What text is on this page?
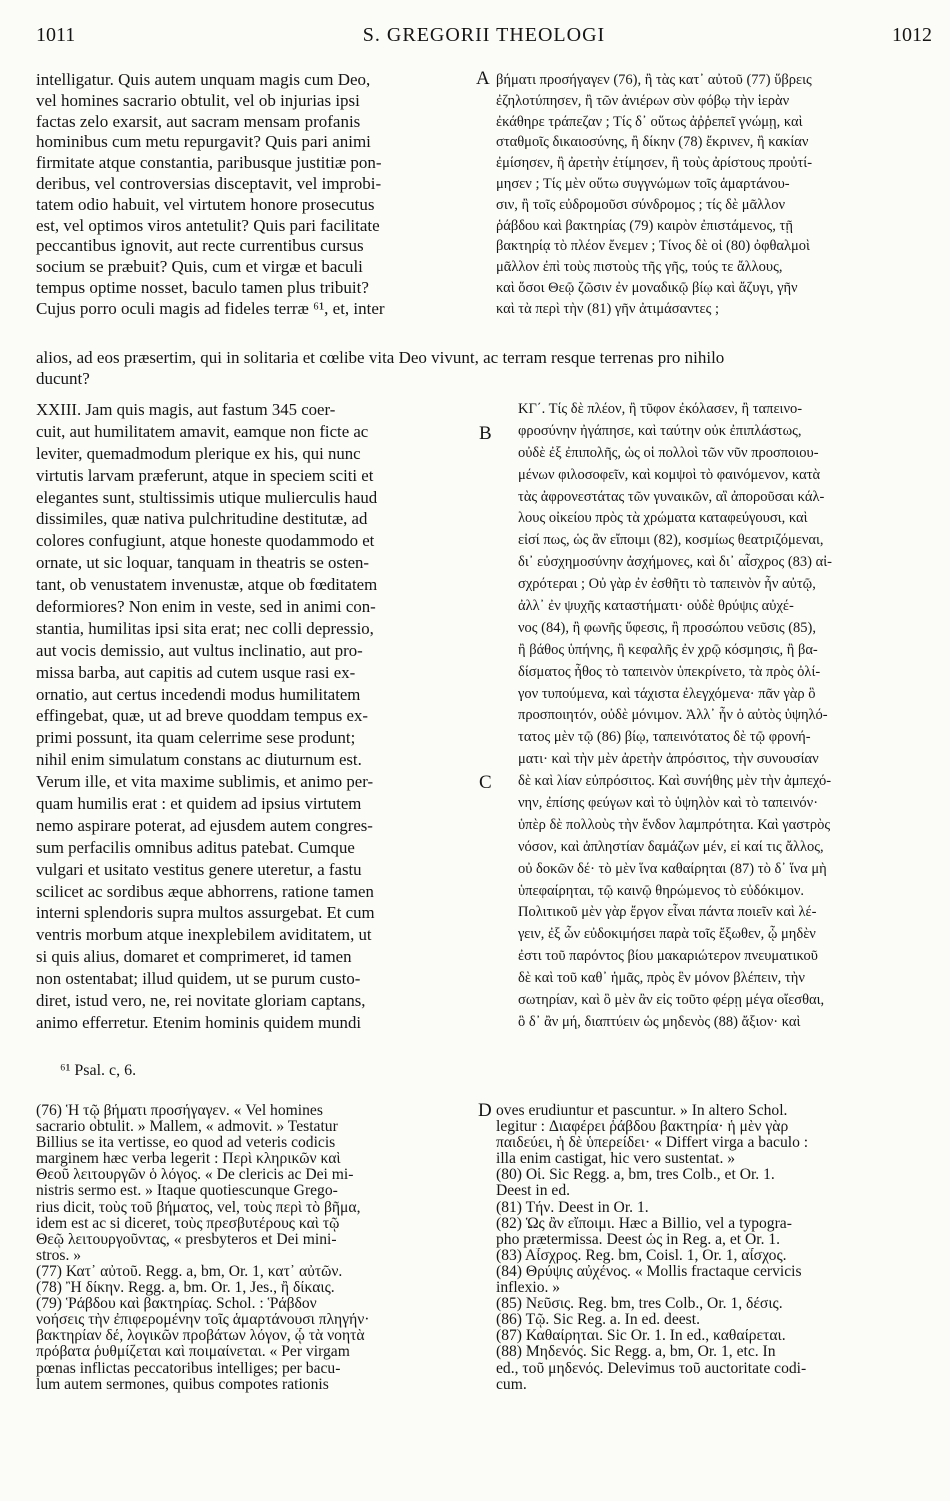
1011	S. GREGORII THEOLOGI	1012
A
B
C
D
intelligatur. Quis autem unquam magis cum Deo,
vel homines sacrario obtulit, vel ob injurias ipsi
factas zelo exarsit, aut sacram mensam profanis
hominibus cum metu repurgavit? Quis pari animi
firmitate atque constantia, paribusque justitiæ pon-
deribus, vel controversias disceptavit, vel improbi-
tatem odio habuit, vel virtutem honore prosecutus
est, vel optimos viros antetulit? Quis pari facilitate
peccantibus ignovit, aut recte currentibus cursus
socium se præbuit? Quis, cum et virgæ et baculi
tempus optime nosset, baculo tamen plus tribuit?
Cujus porro oculi magis ad fideles terræ ⁶¹, et, inter
βήματι προσήγαγεν (76), ἢ τὰς κατ᾽ αὐτοῦ (77) ὕβρεις
ἐζηλοτύπησεν, ἢ τῶν ἀνιέρων σὺν φόβῳ τὴν ἱερὰν
ἐκάθηρε τράπεζαν ; Τίς δ᾽ οὕτως ἀῤῥεπεῖ γνώμῃ, καὶ
σταθμοῖς δικαιοσύνης, ἢ δίκην (78) ἔκρινεν, ἢ κακίαν
ἐμίσησεν, ἢ ἀρετὴν ἐτίμησεν, ἢ τοὺς ἀρίστους προὐτί-
μησεν ; Τίς μὲν οὕτω συγγνώμων τοῖς ἁμαρτάνου-
σιν, ἢ τοῖς εὐδρομοῦσι σύνδρομος ; τίς δὲ μᾶλλον
ῥάβδου καὶ βακτηρίας (79) καιρὸν ἐπιστάμενος, τῇ
βακτηρίᾳ τὸ πλέον ἔνεμεν ; Τίνος δὲ οἱ (80) ὀφθαλμοὶ
μᾶλλον ἐπὶ τοὺς πιστοὺς τῆς γῆς, τούς τε ἄλλους,
καὶ ὅσοι Θεῷ ζῶσιν ἐν μοναδικῷ βίῳ καὶ ἄζυγι, γῆν
καὶ τὰ περὶ τὴν (81) γῆν ἀτιμάσαντες ;
alios, ad eos præsertim, qui in solitaria et cœlibe vita Deo vivunt, ac terram resque terrenas pro nihilo
ducunt?
XXIII. Jam quis magis, aut fastum 345 coer-
cuit, aut humilitatem amavit, eamque non ficte ac
leviter, quemadmodum plerique ex his, qui nunc
virtutis larvam præferunt, atque in speciem sciti et
elegantes sunt, stultissimis utique mulierculis haud
dissimiles, quæ nativa pulchritudine destitutæ, ad
colores confugiunt, atque honeste quodammodo et
ornate, ut sic loquar, tanquam in theatris se osten-
tant, ob venustatem invenustæ, atque ob fœditatem
deformiores? Non enim in veste, sed in animi con-
stantia, humilitas ipsi sita erat; nec colli depressio,
aut vocis demissio, aut vultus inclinatio, aut pro-
missa barba, aut capitis ad cutem usque rasi ex-
ornatio, aut certus incedendi modus humilitatem
effingebat, quæ, ut ad breve quoddam tempus ex-
primi possunt, ita quam celerrime sese produnt;
nihil enim simulatum constans ac diuturnum est.
Verum ille, et vita maxime sublimis, et animo per-
quam humilis erat : et quidem ad ipsius virtutem
nemo aspirare poterat, ad ejusdem autem congres-
sum perfacilis omnibus aditus patebat. Cumque
vulgari et usitato vestitus genere uteretur, a fastu
scilicet ac sordibus æque abhorrens, ratione tamen
interni splendoris supra multos assurgebat. Et cum
ventris morbum atque inexplebilem aviditatem, ut
si quis alius, domaret et comprimeret, id tamen
non ostentabat; illud quidem, ut se purum custo-
diret, istud vero, ne, rei novitate gloriam captans,
animo efferretur. Etenim hominis quidem mundi
ΚΓ΄. Τίς δὲ πλέον, ἢ τῦφον ἐκόλασεν, ἢ ταπεινο-
φροσύνην ἠγάπησε, καὶ ταύτην οὐκ ἐπιπλάστως,
οὐδὲ ἐξ ἐπιπολῆς, ὡς οἱ πολλοὶ τῶν νῦν προσποιου-
μένων φιλοσοφεῖν, καὶ κομψοὶ τὸ φαινόμενον, κατὰ
τὰς ἀφρονεστάτας τῶν γυναικῶν, αἳ ἀποροῦσαι κάλ-
λους οἰκείου πρὸς τὰ χρώματα καταφεύγουσι, καὶ
εἰσί πως, ὡς ἂν εἴποιμι (82), κοσμίως θεατριζόμεναι,
δι᾽ εὐσχημοσύνην ἀσχήμονες, καὶ δι᾽ αἶσχρος (83) αἰ-
σχρότεραι ; Οὐ γὰρ ἐν ἐσθῆτι τὸ ταπεινὸν ἦν αὐτῷ,
ἀλλ᾽ ἐν ψυχῆς καταστήματι· οὐδὲ θρύψις αὐχέ-
νος (84), ἢ φωνῆς ὕφεσις, ἢ προσώπου νεῦσις (85),
ἢ βάθος ὑπήνης, ἢ κεφαλῆς ἐν χρῷ κόσμησις, ἢ βα-
δίσματος ἦθος τὸ ταπεινὸν ὑπεκρίνετο, τὰ πρὸς ὀλί-
γον τυπούμενα, καὶ τάχιστα ἐλεγχόμενα· πᾶν γὰρ ὃ
προσποιητόν, οὐδὲ μόνιμον. Ἀλλ᾽ ἦν ὁ αὐτὸς ὑψηλό-
τατος μὲν τῷ (86) βίῳ, ταπεινότατος δὲ τῷ φρονή-
ματι· καὶ τὴν μὲν ἀρετὴν ἀπρόσιτος, τὴν συνουσίαν
δὲ καὶ λίαν εὐπρόσιτος. Καὶ συνήθης μὲν τὴν ἀμπεχό-
νην, ἐπίσης φεύγων καὶ τὸ ὑψηλὸν καὶ τὸ ταπεινόν·
ὑπὲρ δὲ πολλοὺς τὴν ἔνδον λαμπρότητα. Καὶ γαστρὸς
νόσον, καὶ ἀπληστίαν δαμάζων μέν, εἰ καί τις ἄλλος,
οὐ δοκῶν δέ· τὸ μὲν ἵνα καθαίρηται (87) τὸ δ᾽ ἵνα μὴ
ὑπεφαίρηται, τῷ καινῷ θηρώμενος τὸ εὐδόκιμον.
Πολιτικοῦ μὲν γὰρ ἔργον εἶναι πάντα ποιεῖν καὶ λέ-
γειν, ἐξ ὧν εὐδοκιμήσει παρὰ τοῖς ἔξωθεν, ᾧ μηδὲν
ἐστι τοῦ παρόντος βίου μακαριώτερον πνευματικοῦ
δὲ καὶ τοῦ καθ᾽ ἡμᾶς, πρὸς ἓν μόνον βλέπειν, τὴν
σωτηρίαν, καὶ ὃ μὲν ἂν εἰς τοῦτο φέρῃ μέγα οἴεσθαι,
ὃ δ᾽ ἂν μή, διαπτύειν ὡς μηδενὸς (88) ἄξιον· καὶ
⁶¹ Psal. c, 6.
(76) Ἡ τῷ βήματι προσήγαγεν. « Vel homines
sacrario obtulit. » Mallem, « admovit. » Testatur
Billius se ita vertisse, eo quod ad veteris codicis
marginem hæc verba legerit : Περὶ κληρικῶν καὶ
Θεοῦ λειτουργῶν ὁ λόγος. « De clericis ac Dei mi-
nistris sermo est. » Itaque quotiescunque Grego-
rius dicit, τοὺς τοῦ βήματος, vel, τοὺς περὶ τὸ βῆμα,
idem est ac si diceret, τοὺς πρεσβυτέρους καὶ τῷ
Θεῷ λειτουργοῦντας, « presbyteros et Dei mini-
stros. »
(77) Κατ᾽ αὐτοῦ. Regg. a, bm, Or. 1, κατ᾽ αὐτῶν.
(78) Ἢ δίκην. Regg. a, bm. Or. 1, Jes., ἢ δίκαις.
(79) Ῥάβδου καὶ βακτηρίας. Schol. : Ῥάβδον
νοήσεις τὴν ἐπιφερομένην τοῖς ἁμαρτάνουσι πληγήν·
βακτηρίαν δέ, λογικῶν προβάτων λόγον, ᾧ τὰ νοητὰ
πρόβατα ῥυθμίζεται καὶ ποιμαίνεται. « Per virgam
pœnas inflictas peccatoribus intelliges; per bacu-
lum autem sermones, quibus compotes rationis
oves erudiuntur et pascuntur. » In altero Schol.
legitur : Διαφέρει ῥάβδου βακτηρία· ἡ μὲν γὰρ
παιδεύει, ἡ δὲ ὑπερείδει· « Differt virga a baculo :
illa enim castigat, hic vero sustentat. »
(80) Οἱ. Sic Regg. a, bm, tres Colb., et Or. 1.
Deest in ed.
(81) Τήν. Deest in Or. 1.
(82) Ὡς ἂν εἴποιμι. Hæc a Billio, vel a typogra-
pho prætermissa. Deest ὡς in Reg. a, et Or. 1.
(83) Αἶσχρος. Reg. bm, Coisl. 1, Or. 1, αἶσχος.
(84) Θρύψις αὐχένος. « Mollis fractaque cervicis
inflexio. »
(85) Νεῦσις. Reg. bm, tres Colb., Or. 1, δέσις.
(86) Τῷ. Sic Reg. a. In ed. deest.
(87) Καθαίρηται. Sic Or. 1. In ed., καθαίρεται.
(88) Μηδενός. Sic Regg. a, bm, Or. 1, etc. In
ed., τοῦ μηδενός. Delevimus τοῦ auctoritate codi-
cum.
